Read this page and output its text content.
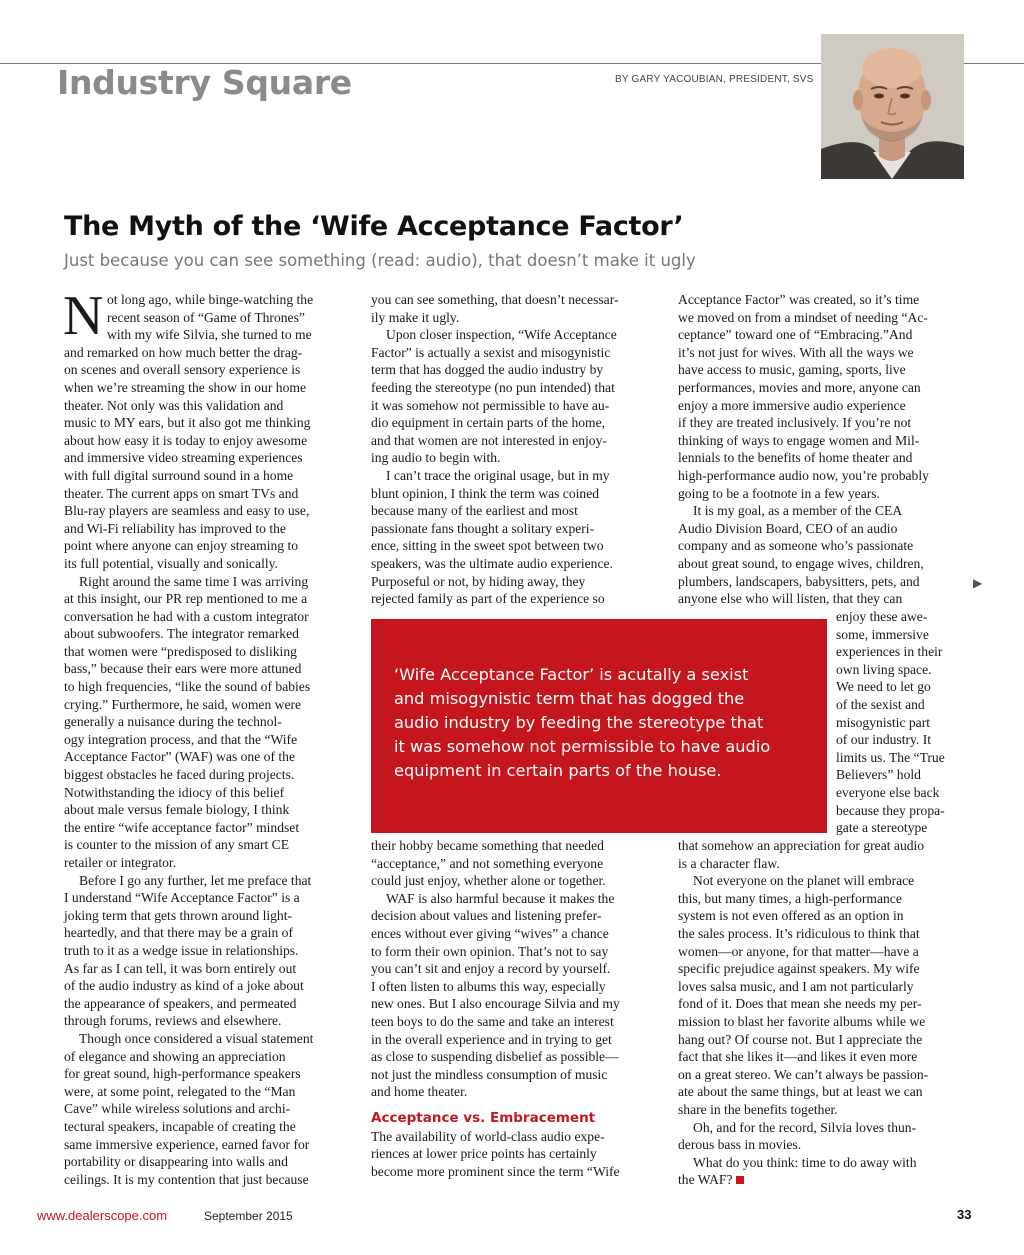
Industry Square	BY GARY YACOUBIAN, PRESIDENT, SVS
The Myth of the ‘Wife Acceptance Factor’
Just because you can see something (read: audio), that doesn’t make it ugly
N ot long ago, while binge-watching the
recent season of “Game of Thrones”
with my wife Silvia, she turned to me
and remarked on how much better the drag-
on scenes and overall sensory experience is
when we’re streaming the show in our home
theater. Not only was this validation and
music to MY ears, but it also got me thinking
about how easy it is today to enjoy awesome
and immersive video streaming experiences
with full digital surround sound in a home
theater. The current apps on smart TVs and
Blu-ray players are seamless and easy to use,
and Wi-Fi reliability has improved to the
point where anyone can enjoy streaming to
its full potential, visually and sonically.
Right around the same time I was arriving
at this insight, our PR rep mentioned to me a
conversation he had with a custom integrator
about subwoofers. The integrator remarked
that women were “predisposed to disliking
bass,” because their ears were more attuned
to high frequencies, “like the sound of babies
crying.” Furthermore, he said, women were
generally a nuisance during the technol-
ogy integration process, and that the “Wife
Acceptance Factor” (WAF) was one of the
biggest obstacles he faced during projects.
Notwithstanding the idiocy of this belief
about male versus female biology, I think
the entire “wife acceptance factor” mindset
is counter to the mission of any smart CE
retailer or integrator.
Before I go any further, let me preface that
I understand “Wife Acceptance Factor” is a
joking term that gets thrown around light-
heartedly, and that there may be a grain of
truth to it as a wedge issue in relationships.
As far as I can tell, it was born entirely out
of the audio industry as kind of a joke about
the appearance of speakers, and permeated
through forums, reviews and elsewhere.
Though once considered a visual statement
of elegance and showing an appreciation
for great sound, high-performance speakers
were, at some point, relegated to the “Man
Cave” while wireless solutions and archi-
tectural speakers, incapable of creating the
same immersive experience, earned favor for
portability or disappearing into walls and
ceilings. It is my contention that just because
you can see something, that doesn’t necessar-
ily make it ugly.
Upon closer inspection, “Wife Acceptance
Factor” is actually a sexist and misogynistic
term that has dogged the audio industry by
feeding the stereotype (no pun intended) that
it was somehow not permissible to have au-
dio equipment in certain parts of the home,
and that women are not interested in enjoy-
ing audio to begin with.
I can’t trace the original usage, but in my
blunt opinion, I think the term was coined
because many of the earliest and most
passionate fans thought a solitary experi-
ence, sitting in the sweet spot between two
speakers, was the ultimate audio experience.
Purposeful or not, by hiding away, they
rejected family as part of the experience so
Acceptance Factor” was created, so it’s time
we moved on from a mindset of needing “Ac-
ceptance” toward one of “Embracing.”And
it’s not just for wives. With all the ways we
have access to music, gaming, sports, live
performances, movies and more, anyone can
enjoy a more immersive audio experience
if they are treated inclusively. If you’re not
thinking of ways to engage women and Mil-
lennials to the benefits of home theater and
high-performance audio now, you’re probably
going to be a footnote in a few years.
It is my goal, as a member of the CEA
Audio Division Board, CEO of an audio
company and as someone who’s passionate
about great sound, to engage wives, children,
plumbers, landscapers, babysitters, pets, and
anyone else who will listen, that they can
▶
enjoy these awe-
some, immersive
experiences in their
own living space.
We need to let go
of the sexist and
misogynistic part
of our industry. It
limits us. The “True
Believers” hold
everyone else back
because they propa-
gate a stereotype
‘Wife Acceptance Factor’ is acutally a sexist
and misogynistic term that has dogged the
audio industry by feeding the stereotype that
it was somehow not permissible to have audio
equipment in certain parts of the house.
their hobby became something that needed
“acceptance,” and not something everyone
could just enjoy, whether alone or together.
WAF is also harmful because it makes the
decision about values and listening prefer-
ences without ever giving “wives” a chance
to form their own opinion. That’s not to say
you can’t sit and enjoy a record by yourself.
I often listen to albums this way, especially
new ones. But I also encourage Silvia and my
teen boys to do the same and take an interest
in the overall experience and in trying to get
as close to suspending disbelief as possible—
not just the mindless consumption of music
and home theater.
Acceptance vs. Embracement
The availability of world-class audio expe-
riences at lower price points has certainly
become more prominent since the term “Wife
that somehow an appreciation for great audio
is a character flaw.
Not everyone on the planet will embrace
this, but many times, a high-performance
system is not even offered as an option in
the sales process. It’s ridiculous to think that
women—or anyone, for that matter—have a
specific prejudice against speakers. My wife
loves salsa music, and I am not particularly
fond of it. Does that mean she needs my per-
mission to blast her favorite albums while we
hang out? Of course not. But I appreciate the
fact that she likes it—and likes it even more
on a great stereo. We can’t always be passion-
ate about the same things, but at least we can
share in the benefits together.
Oh, and for the record, Silvia loves thun-
derous bass in movies.
What do you think: time to do away with
the WAF?
www.dealerscope.com	September 2015	33
